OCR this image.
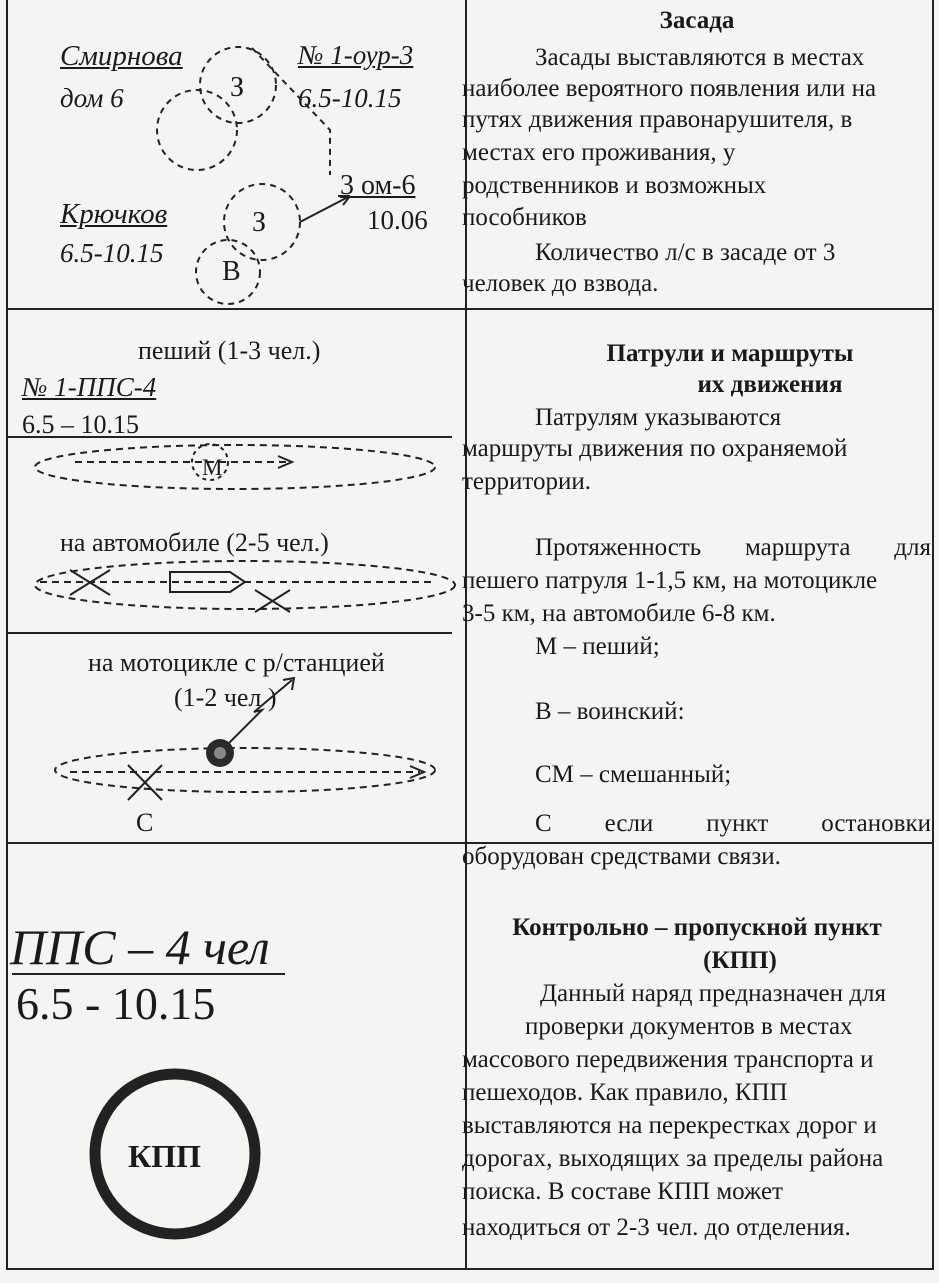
Смирнова
дом 6
№ 1-оур-3
6.5-10.15
З
3 ом-6
10.06
Крючков
6.5-10.15
З
В
Засада
Засады выставляются в местах
наиболее вероятного появления или на
путях движения правонарушителя, в
местах его проживания, у
родственников и возможных
пособников
Количество л/с в засаде от 3
человек до взвода.
пеший (1-3 чел.)
№ 1-ППС-4
6.5 – 10.15
М
на автомобиле (2-5 чел.)
на мотоцикле с р/станцией
(1-2 чел )
С
Патрули и маршруты
их движения
Патрулям указываются
маршруты движения по охраняемой
территории.
Протяженность маршрута для
пешего патруля 1-1,5 км, на мотоцикле
3-5 км, на автомобиле 6-8 км.
М – пеший;
В – воинский:
СМ – смешанный;
С если пункт остановки
оборудован средствами связи.
ППС – 4 чел
6.5 - 10.15
КПП
Контрольно – пропускной пункт
(КПП)
Данный наряд предназначен для
проверки документов в местах
массового передвижения транспорта и
пешеходов. Как правило, КПП
выставляются на перекрестках дорог и
дорогах, выходящих за пределы района
поиска. В составе КПП может
находиться от 2-3 чел. до отделения.
